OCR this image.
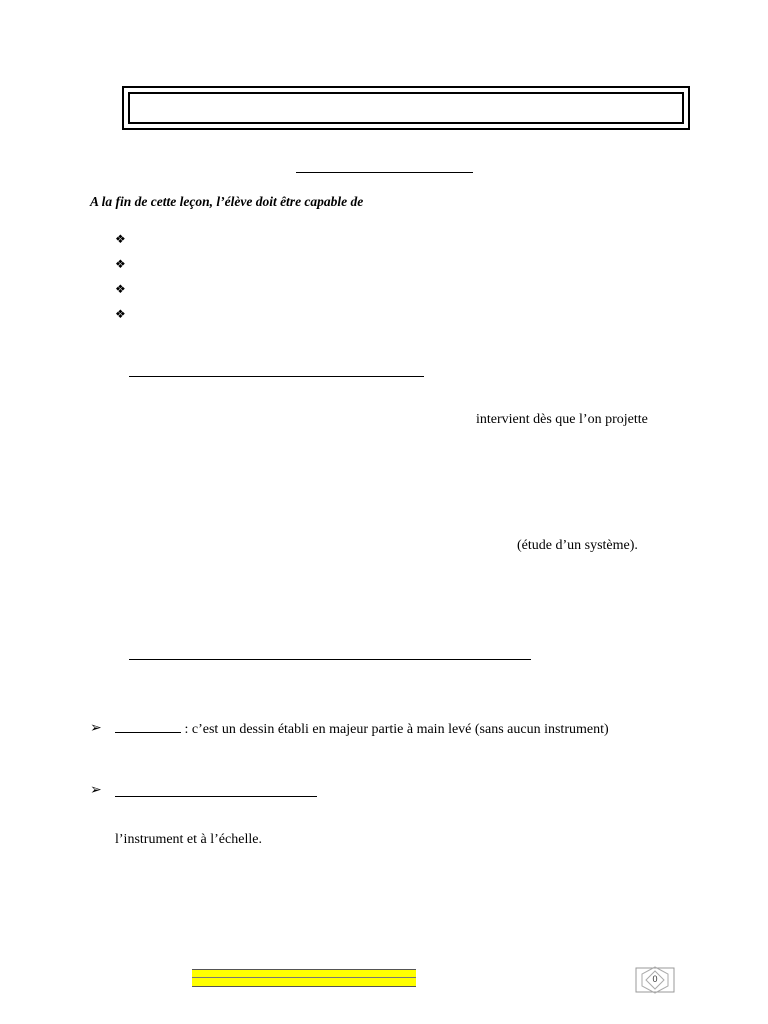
A la fin de cette leçon, l’élève doit être capable de
❖
❖
❖
❖
intervient dès que l’on projette
(étude d’un système).
➢	: c’est un dessin établi en majeur partie à main levé (sans aucun instrument)
➢
l’instrument et à l’échelle.
0
